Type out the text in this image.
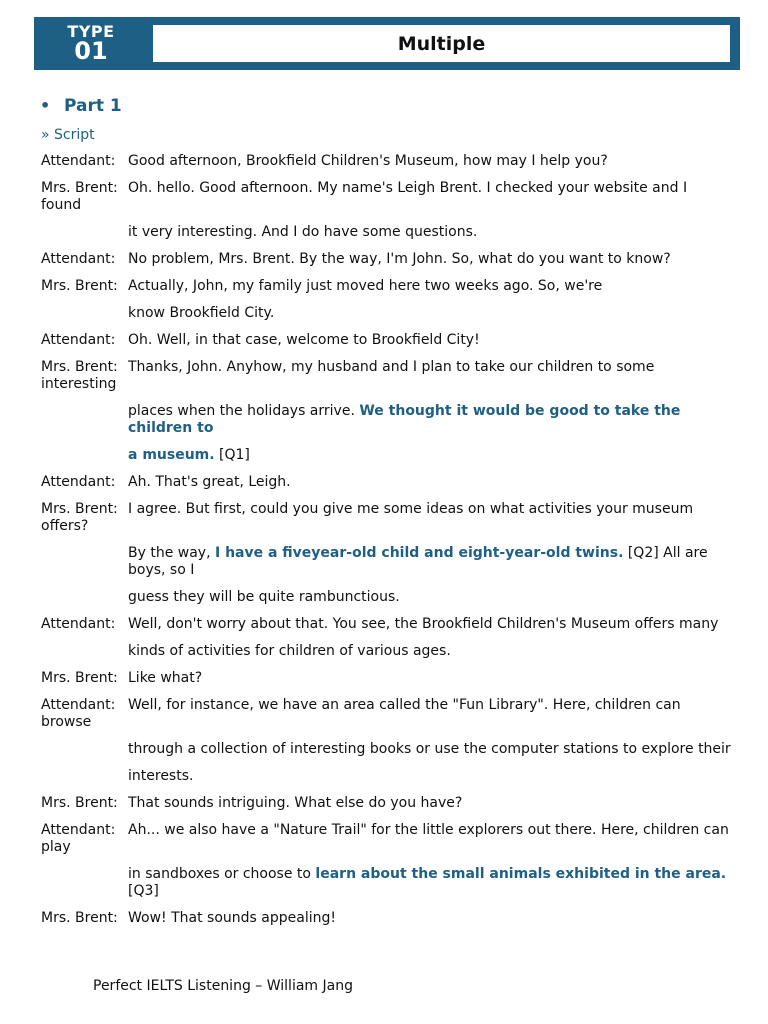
TYPE
01	Multiple
• Part 1
» Script
Attendant: Good afternoon, Brookfield Children's Museum, how may I help you?
Mrs. Brent: Oh. hello. Good afternoon. My name's Leigh Brent. I checked your website and I found
it very interesting. And I do have some questions.
Attendant: No problem, Mrs. Brent. By the way, I'm John. So, what do you want to know?
Mrs. Brent: Actually, John, my family just moved here two weeks ago. So, we're
know Brookfield City.
Attendant: Oh. Well, in that case, welcome to Brookfield City!
Mrs. Brent: Thanks, John. Anyhow, my husband and I plan to take our children to some interesting
places when the holidays arrive. We thought it would be good to take the children to
a museum. [Q1]
Attendant: Ah. That's great, Leigh.
Mrs. Brent: I agree. But first, could you give me some ideas on what activities your museum offers?
By the way, I have a fiveyear-old child and eight-year-old twins. [Q2] All are boys, so I
guess they will be quite rambunctious.
Attendant: Well, don't worry about that. You see, the Brookfield Children's Museum offers many
kinds of activities for children of various ages.
Mrs. Brent: Like what?
Attendant: Well, for instance, we have an area called the "Fun Library". Here, children can browse
through a collection of interesting books or use the computer stations to explore their
interests.
Mrs. Brent: That sounds intriguing. What else do you have?
Attendant: Ah... we also have a "Nature Trail" for the little explorers out there. Here, children can play
in sandboxes or choose to learn about the small animals exhibited in the area. [Q3]
Mrs. Brent: Wow! That sounds appealing!
Perfect IELTS Listening – William Jang
